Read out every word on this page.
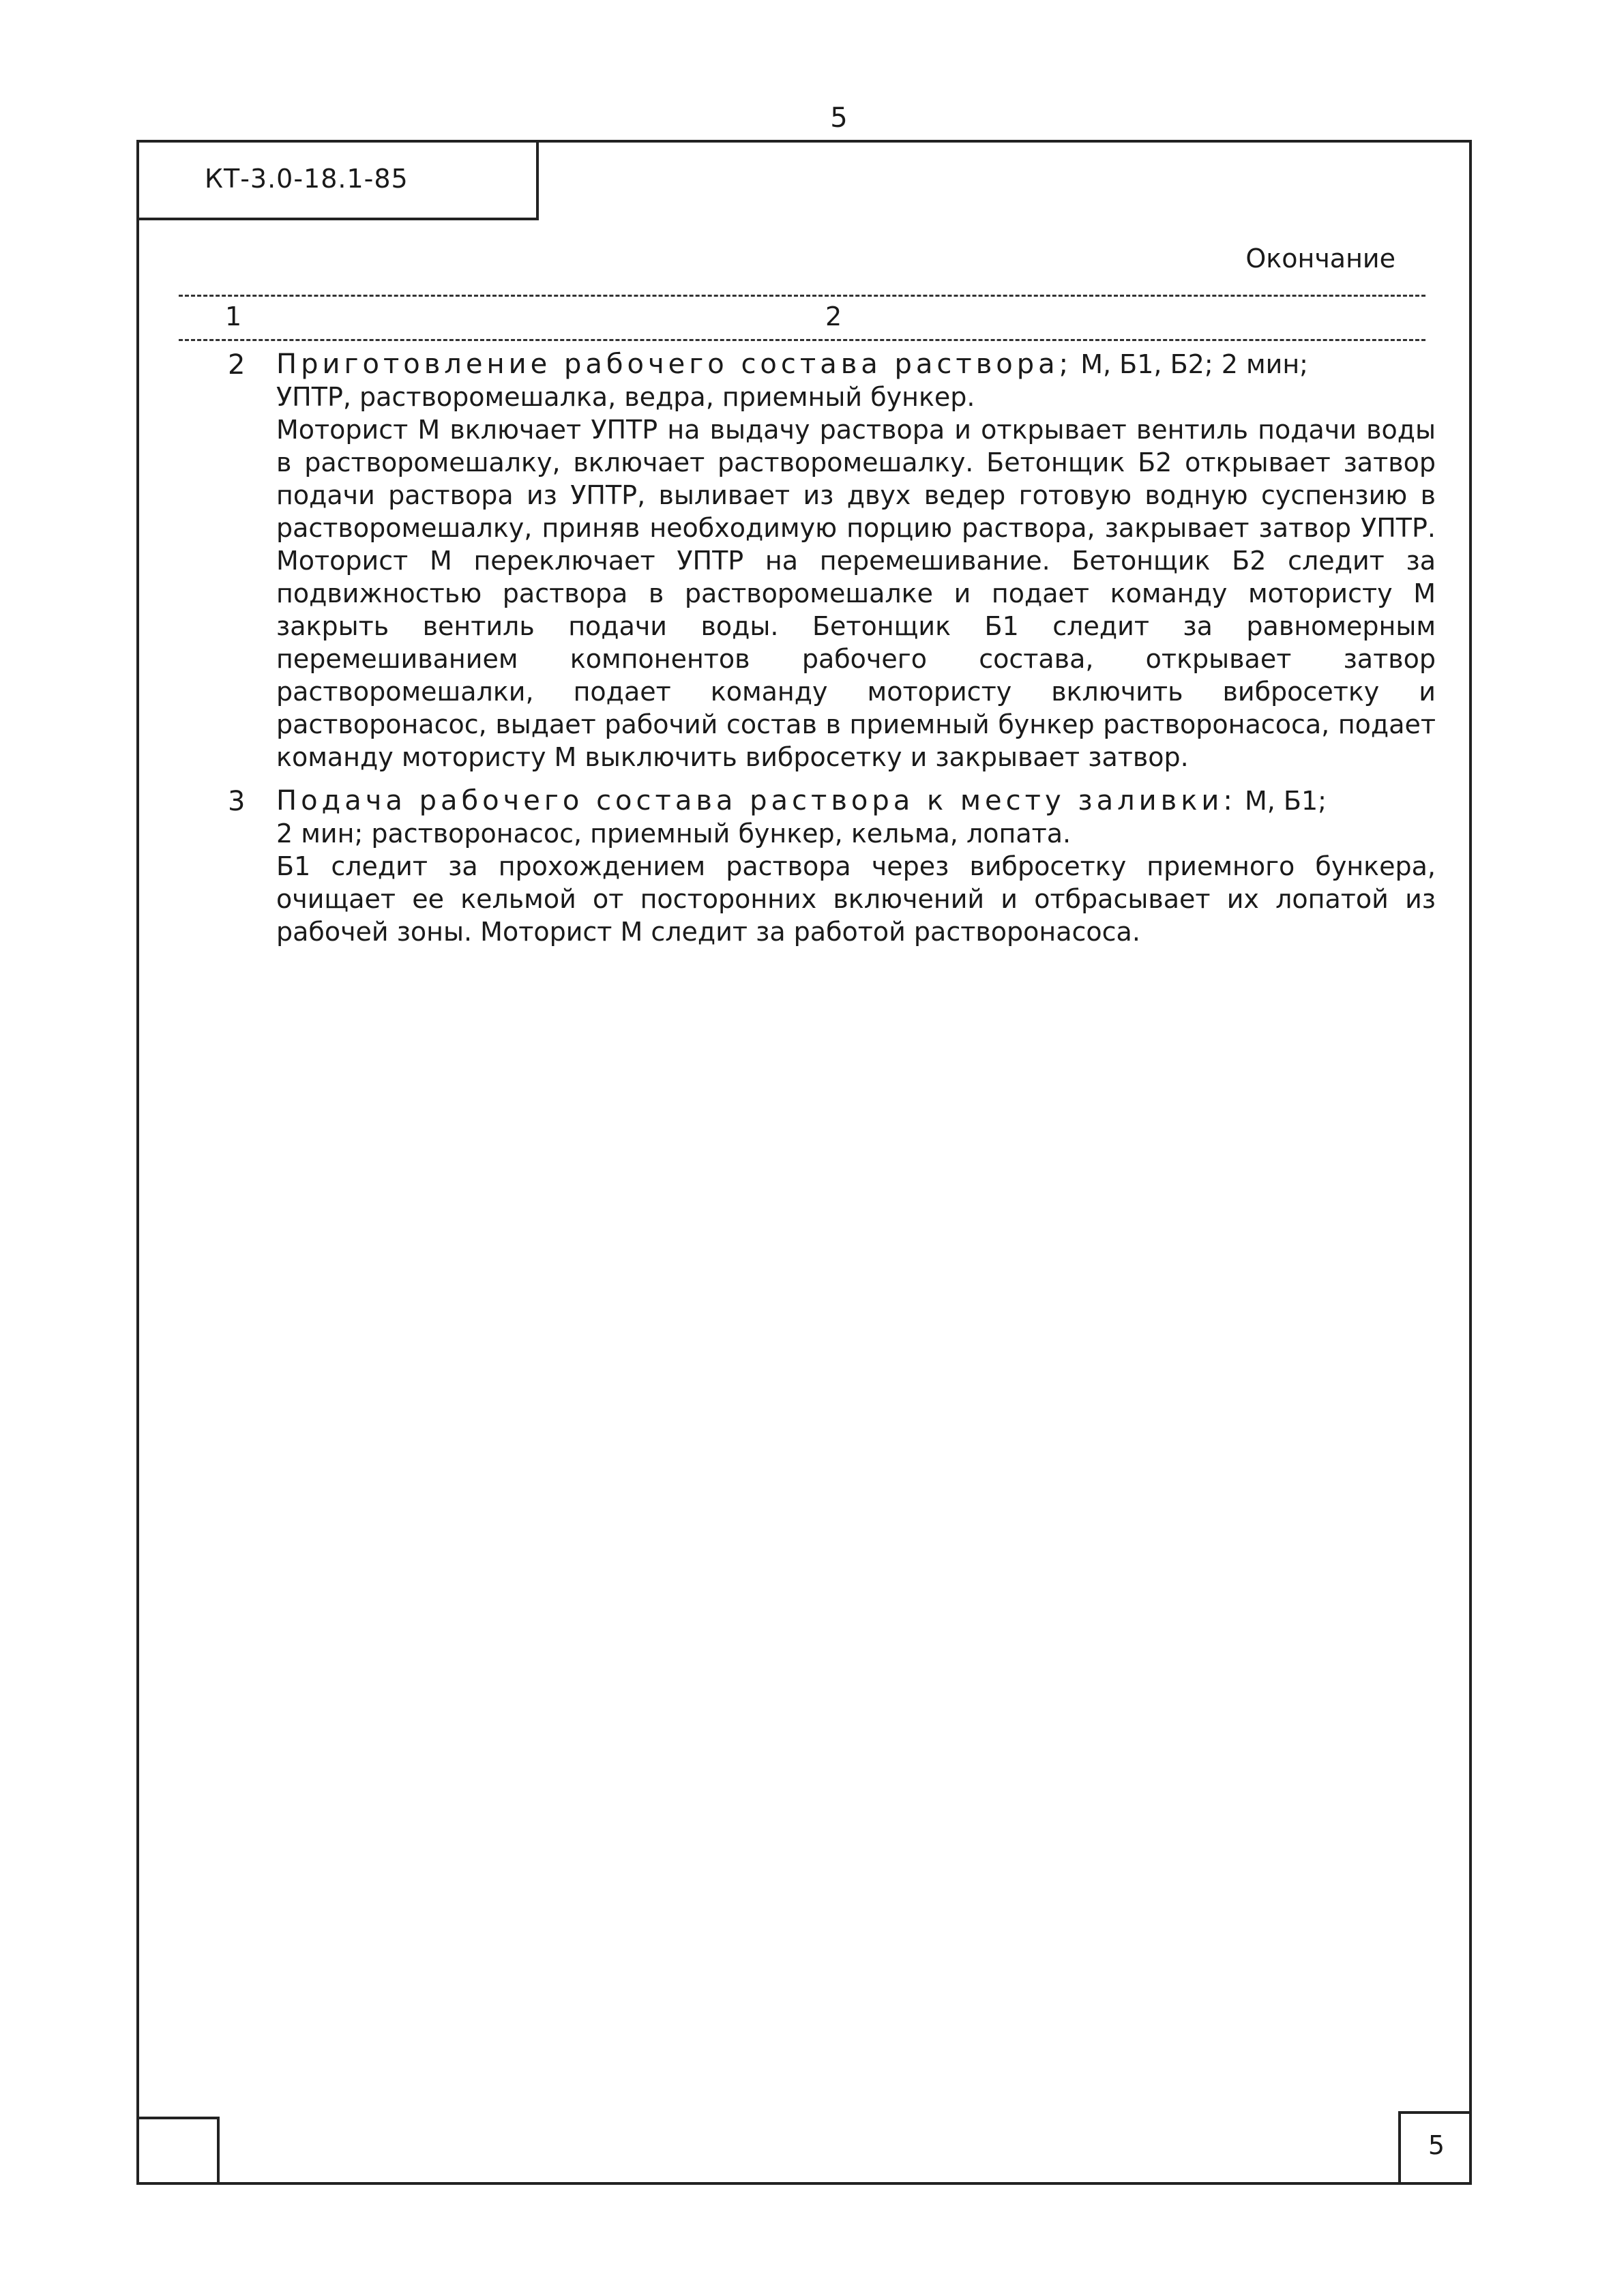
5
КТ-3.0-18.1-85
Окончание
1	2
2 Приготовление рабочего состава раствора; М, Б1, Б2; 2 мин;

УПТР, растворомешалка, ведра, приемный бункер.

Моторист М включает УПТР на выдачу раствора и открывает вентиль подачи воды в растворомешалку, включает растворомешалку. Бетонщик Б2 открывает затвор подачи раствора из УПТР, выливает из двух ведер готовую водную суспензию в растворомешалку, приняв необходимую порцию раствора, закрывает затвор УПТР. Моторист М переключает УПТР на перемешивание. Бетонщик Б2 следит за подвижностью раствора в растворомешалке и подает команду мотористу М закрыть вентиль подачи воды. Бетонщик Б1 следит за равномерным перемешиванием компонентов рабочего состава, открывает затвор растворомешалки, подает команду мотористу включить вибросетку и растворонасос, выдает рабочий состав в приемный бункер растворонасоса, подает команду мотористу М выключить вибросетку и закрывает затвор.

3 Подача рабочего состава раствора к месту заливки: М, Б1;

2 мин; растворонасос, приемный бункер, кельма, лопата.

Б1 следит за прохождением раствора через вибросетку приемного бункера, очищает ее кельмой от посторонних включений и отбрасывает их лопатой из рабочей зоны. Моторист М следит за работой растворонасоса.

5
